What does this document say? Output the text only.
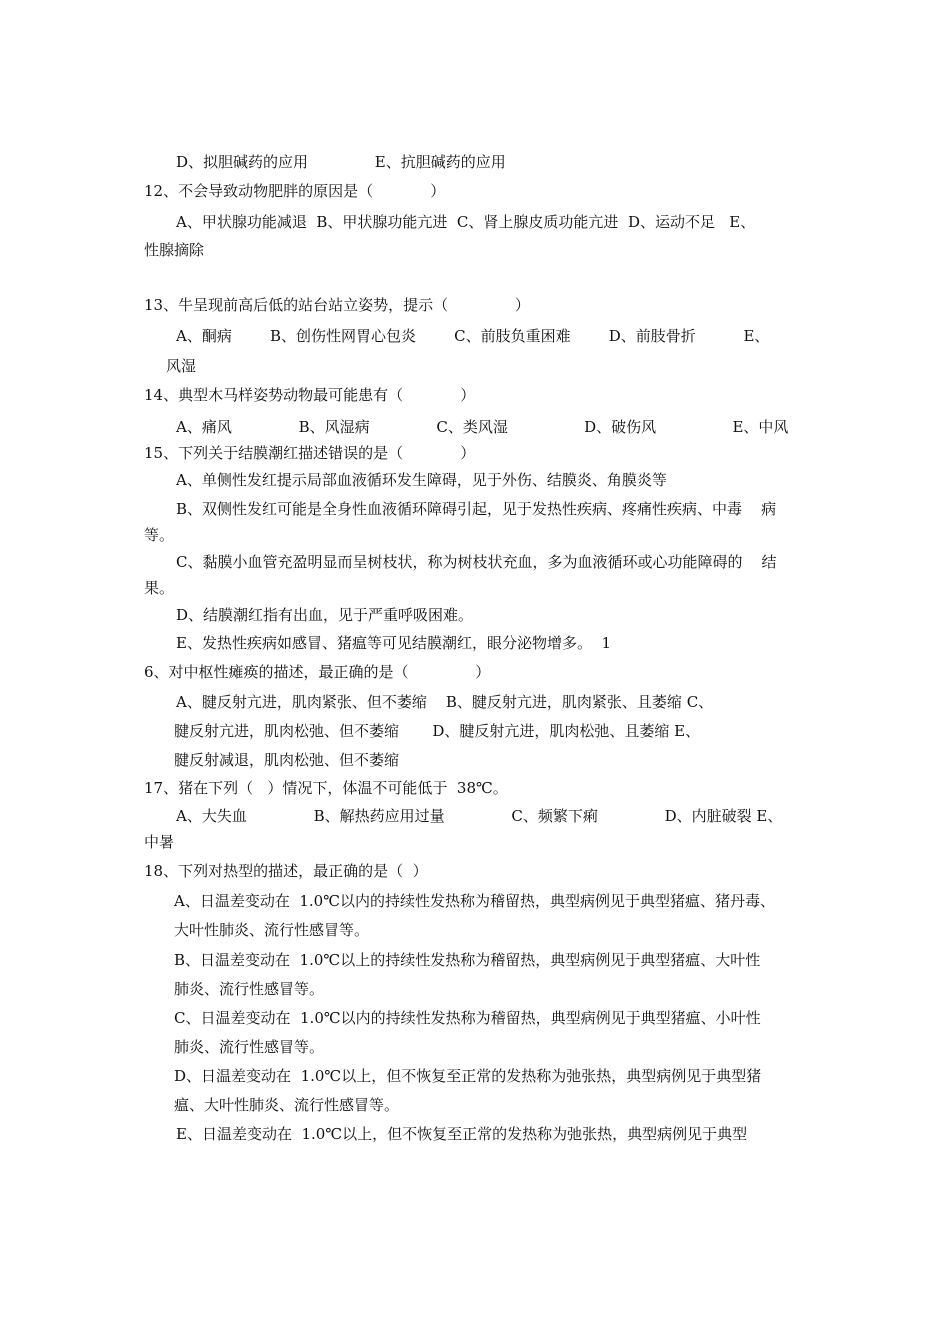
D、拟胆碱药的应用              E、抗胆碱药的应用
12、不会导致动物肥胖的原因是（            ）
A、甲状腺功能减退  B、甲状腺功能亢进  C、肾上腺皮质功能亢进  D、运动不足   E、
性腺摘除
13、牛呈现前高后低的站台站立姿势，提示（              ）
A、酮病        B、创伤性网胃心包炎        C、前肢负重困难        D、前肢骨折          E、
风湿
14、典型木马样姿势动物最可能患有（            ）
A、痛风              B、风湿病              C、类风湿                D、破伤风                E、中风
15、下列关于结膜潮红描述错误的是（            ）
A、单侧性发红提示局部血液循环发生障碍，见于外伤、结膜炎、角膜炎等
B、双侧性发红可能是全身性血液循环障碍引起，见于发热性疾病、疼痛性疾病、中毒    病
等。
C、黏膜小血管充盈明显而呈树枝状，称为树枝状充血，多为血液循环或心功能障碍的    结
果。
D、结膜潮红指有出血，见于严重呼吸困难。
E、发热性疾病如感冒、猪瘟等可见结膜潮红，眼分泌物增多。  1
6、对中枢性瘫痪的描述，最正确的是（              ）
A、腱反射亢进，肌肉紧张、但不萎缩    B、腱反射亢进，肌肉紧张、且萎缩 C、
腱反射亢进，肌肉松弛、但不萎缩       D、腱反射亢进，肌肉松弛、且萎缩 E、
腱反射减退，肌肉松弛、但不萎缩
17、猪在下列（   ）情况下，体温不可能低于  38℃。
A、大失血              B、解热药应用过量              C、频繁下痢              D、内脏破裂 E、
中暑
18、下列对热型的描述，最正确的是（  ）
A、日温差变动在  1.0℃以内的持续性发热称为稽留热，典型病例见于典型猪瘟、猪丹毒、
大叶性肺炎、流行性感冒等。
B、日温差变动在  1.0℃以上的持续性发热称为稽留热，典型病例见于典型猪瘟、大叶性
肺炎、流行性感冒等。
C、日温差变动在  1.0℃以内的持续性发热称为稽留热，典型病例见于典型猪瘟、小叶性
肺炎、流行性感冒等。
D、日温差变动在  1.0℃以上，但不恢复至正常的发热称为弛张热，典型病例见于典型猪
瘟、大叶性肺炎、流行性感冒等。
E、日温差变动在  1.0℃以上，但不恢复至正常的发热称为弛张热，典型病例见于典型
